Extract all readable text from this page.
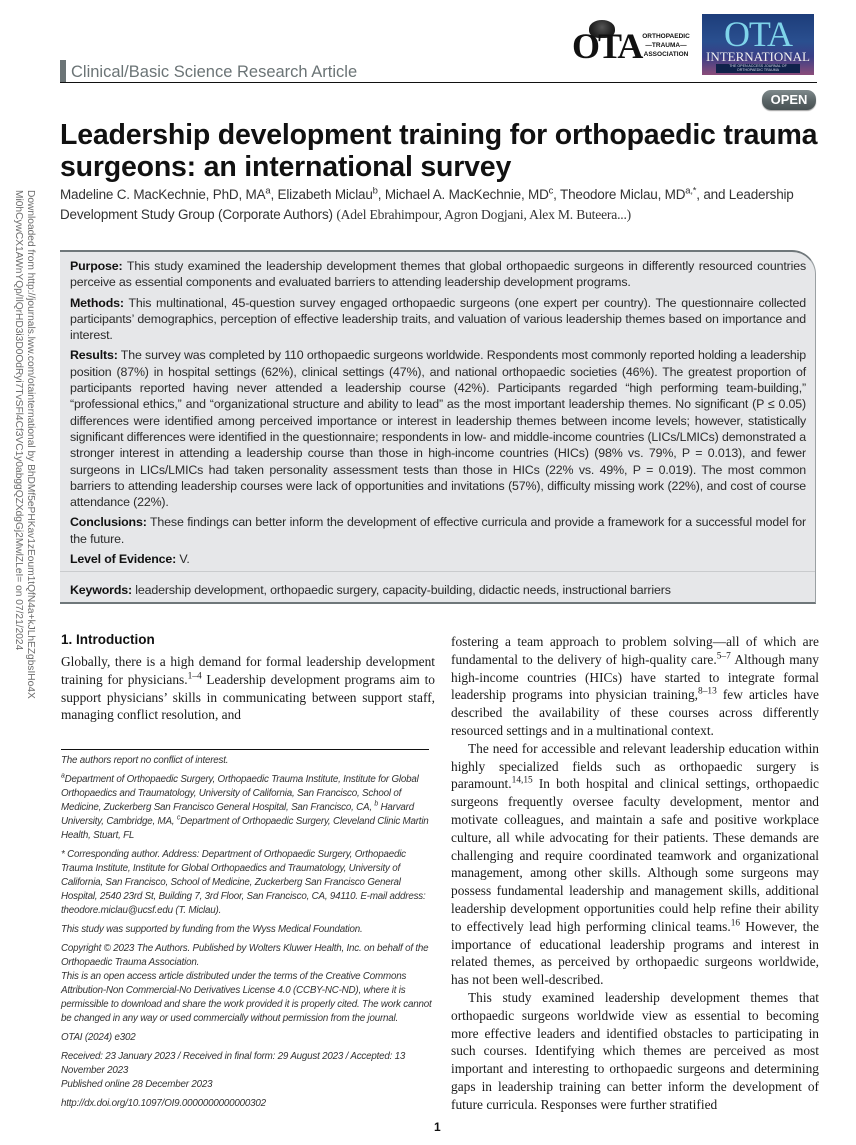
Downloaded from http://journals.lww.com/otainternational by BhDMf5ePHKav1zEoum1tQfN4a+kJLhEZgbsIHo4X
Mi0hCywCX1AWnYQp/IlQrHD3i3D0OdRyi7TvSFl4Cf3VC1y0abggQZXdgGj2MwlZLeI= on 07/21/2024
OTA ORTHOPAEDIC
—TRAUMA—
ASSOCIATION
OTA
INTERNATIONAL
THE OPEN ACCESS JOURNAL OF ORTHOPAEDIC TRAUMA
Clinical/Basic Science Research Article
OPEN
Leadership development training for orthopaedic trauma surgeons: an international survey
Madeline C. MacKechnie, PhD, $MA^a$, Elizabeth Miclau$^b$, Michael A. MacKechnie, $MD^c$, Theodore Miclau, $MD^{a,*}$, and Leadership Development Study Group (Corporate Authors) (Adel Ebrahimpour, Agron Dogjani, Alex M. Buteera...)

Purpose: This study examined the leadership development themes that global orthopaedic surgeons in differently resourced countries perceive as essential components and evaluated barriers to attending leadership development programs.

Methods: This multinational, 45-question survey engaged orthopaedic surgeons (one expert per country). The questionnaire collected participants’ demographics, perception of effective leadership traits, and valuation of various leadership themes based on importance and interest.

Results: The survey was completed by 110 orthopaedic surgeons worldwide. Respondents most commonly reported holding a leadership position (87%) in hospital settings (62%), clinical settings (47%), and national orthopaedic societies (46%). The greatest proportion of participants reported having never attended a leadership course (42%). Participants regarded “high performing team-building,” “professional ethics,” and “organizational structure and ability to lead” as the most important leadership themes. No significant (P ≤ 0.05) differences were identified among perceived importance or interest in leadership themes between income levels; however, statistically significant differences were identified in the questionnaire; respondents in low- and middle-income countries (LICs/LMICs) demonstrated a stronger interest in attending a leadership course than those in high-income countries (HICs) (98% vs. 79%, P = 0.013), and fewer surgeons in LICs/LMICs had taken personality assessment tests than those in HICs (22% vs. 49%, P = 0.019). The most common barriers to attending leadership courses were lack of opportunities and invitations (57%), difficulty missing work (22%), and cost of course attendance (22%).

Conclusions: These findings can better inform the development of effective curricula and provide a framework for a successful model for the future.

Level of Evidence: V.

Keywords: leadership development, orthopaedic surgery, capacity-building, didactic needs, instructional barriers

1. Introduction

Globally, there is a high demand for formal leadership development training for physicians.$^{1-4}$ Leadership development programs aim to support physicians’ skills in communicating between support staff, managing conflict resolution, and

The authors report no conflict of interest.

$^a$Department of Orthopaedic Surgery, Orthopaedic Trauma Institute, Institute for Global Orthopaedics and Traumatology, University of California, San Francisco, School of Medicine, Zuckerberg San Francisco General Hospital, San Francisco, CA, $^b$ Harvard University, Cambridge, MA, $^c$Department of Orthopaedic Surgery, Cleveland Clinic Martin Health, Stuart, FL

* Corresponding author. Address: Department of Orthopaedic Surgery, Orthopaedic Trauma Institute, Institute for Global Orthopaedics and Traumatology, University of California, San Francisco, School of Medicine, Zuckerberg San Francisco General Hospital, 2540 23rd St, Building 7, 3rd Floor, San Francisco, CA, 94110. E-mail address: theodore.miclau@ucsf.edu (T. Miclau).

This study was supported by funding from the Wyss Medical Foundation.

Copyright © 2023 The Authors. Published by Wolters Kluwer Health, Inc. on behalf of the Orthopaedic Trauma Association.

This is an open access article distributed under the terms of the Creative Commons Attribution-Non Commercial-No Derivatives License 4.0 (CCBY-NC-ND), where it is permissible to download and share the work provided it is properly cited. The work cannot be changed in any way or used commercially without permission from the journal.

OTAI (2024) e302

Received: 23 January 2023 / Received in final form: 29 August 2023 / Accepted: 13 November 2023

Published online 28 December 2023

http://dx.doi.org/10.1097/OI9.0000000000000302

fostering a team approach to problem solving—all of which are fundamental to the delivery of high-quality care.$^{5-7}$ Although many high-income countries (HICs) have started to integrate formal leadership programs into physician training,$^{8-13}$ few articles have described the availability of these courses across differently resourced settings and in a multinational context.

The need for accessible and relevant leadership education within highly specialized fields such as orthopaedic surgery is paramount.$^{14,15}$ In both hospital and clinical settings, orthopaedic surgeons frequently oversee faculty development, mentor and motivate colleagues, and maintain a safe and positive workplace culture, all while advocating for their patients. These demands are challenging and require coordinated teamwork and organizational management, among other skills. Although some surgeons may possess fundamental leadership and management skills, additional leadership development opportunities could help refine their ability to effectively lead high performing clinical teams.$^{16}$ However, the importance of educational leadership programs and interest in related themes, as perceived by orthopaedic surgeons worldwide, has not been well-described.

This study examined leadership development themes that orthopaedic surgeons worldwide view as essential to becoming more effective leaders and identified obstacles to participating in such courses. Identifying which themes are perceived as most important and interesting to orthopaedic surgeons and determining gaps in leadership training can better inform the development of future curricula. Responses were further stratified

1
